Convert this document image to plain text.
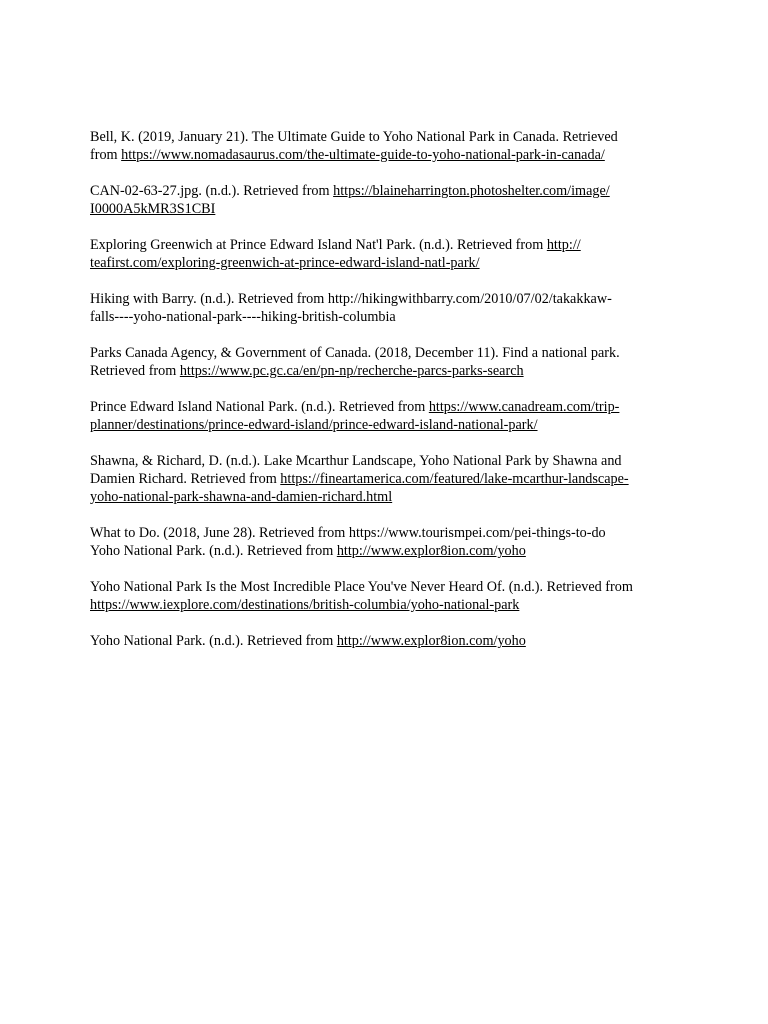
Bell, K. (2019, January 21). The Ultimate Guide to Yoho National Park in Canada. Retrieved
from https://www.nomadasaurus.com/the-ultimate-guide-to-yoho-national-park-in-canada/

CAN-02-63-27.jpg. (n.d.). Retrieved from https://blaineharrington.photoshelter.com/image/
I0000A5kMR3S1CBI

Exploring Greenwich at Prince Edward Island Nat'l Park. (n.d.). Retrieved from http://
teafirst.com/exploring-greenwich-at-prince-edward-island-natl-park/

Hiking with Barry. (n.d.). Retrieved from http://hikingwithbarry.com/2010/07/02/takakkaw-
falls----yoho-national-park----hiking-british-columbia

Parks Canada Agency, & Government of Canada. (2018, December 11). Find a national park.
Retrieved from https://www.pc.gc.ca/en/pn-np/recherche-parcs-parks-search

Prince Edward Island National Park. (n.d.). Retrieved from https://www.canadream.com/trip-
planner/destinations/prince-edward-island/prince-edward-island-national-park/

Shawna, & Richard, D. (n.d.). Lake Mcarthur Landscape, Yoho National Park by Shawna and
Damien Richard. Retrieved from https://fineartamerica.com/featured/lake-mcarthur-landscape-
yoho-national-park-shawna-and-damien-richard.html

What to Do. (2018, June 28). Retrieved from https://www.tourismpei.com/pei-things-to-do

Yoho National Park. (n.d.). Retrieved from http://www.explor8ion.com/yoho

Yoho National Park Is the Most Incredible Place You've Never Heard Of. (n.d.). Retrieved from
https://www.iexplore.com/destinations/british-columbia/yoho-national-park

Yoho National Park. (n.d.). Retrieved from http://www.explor8ion.com/yoho
